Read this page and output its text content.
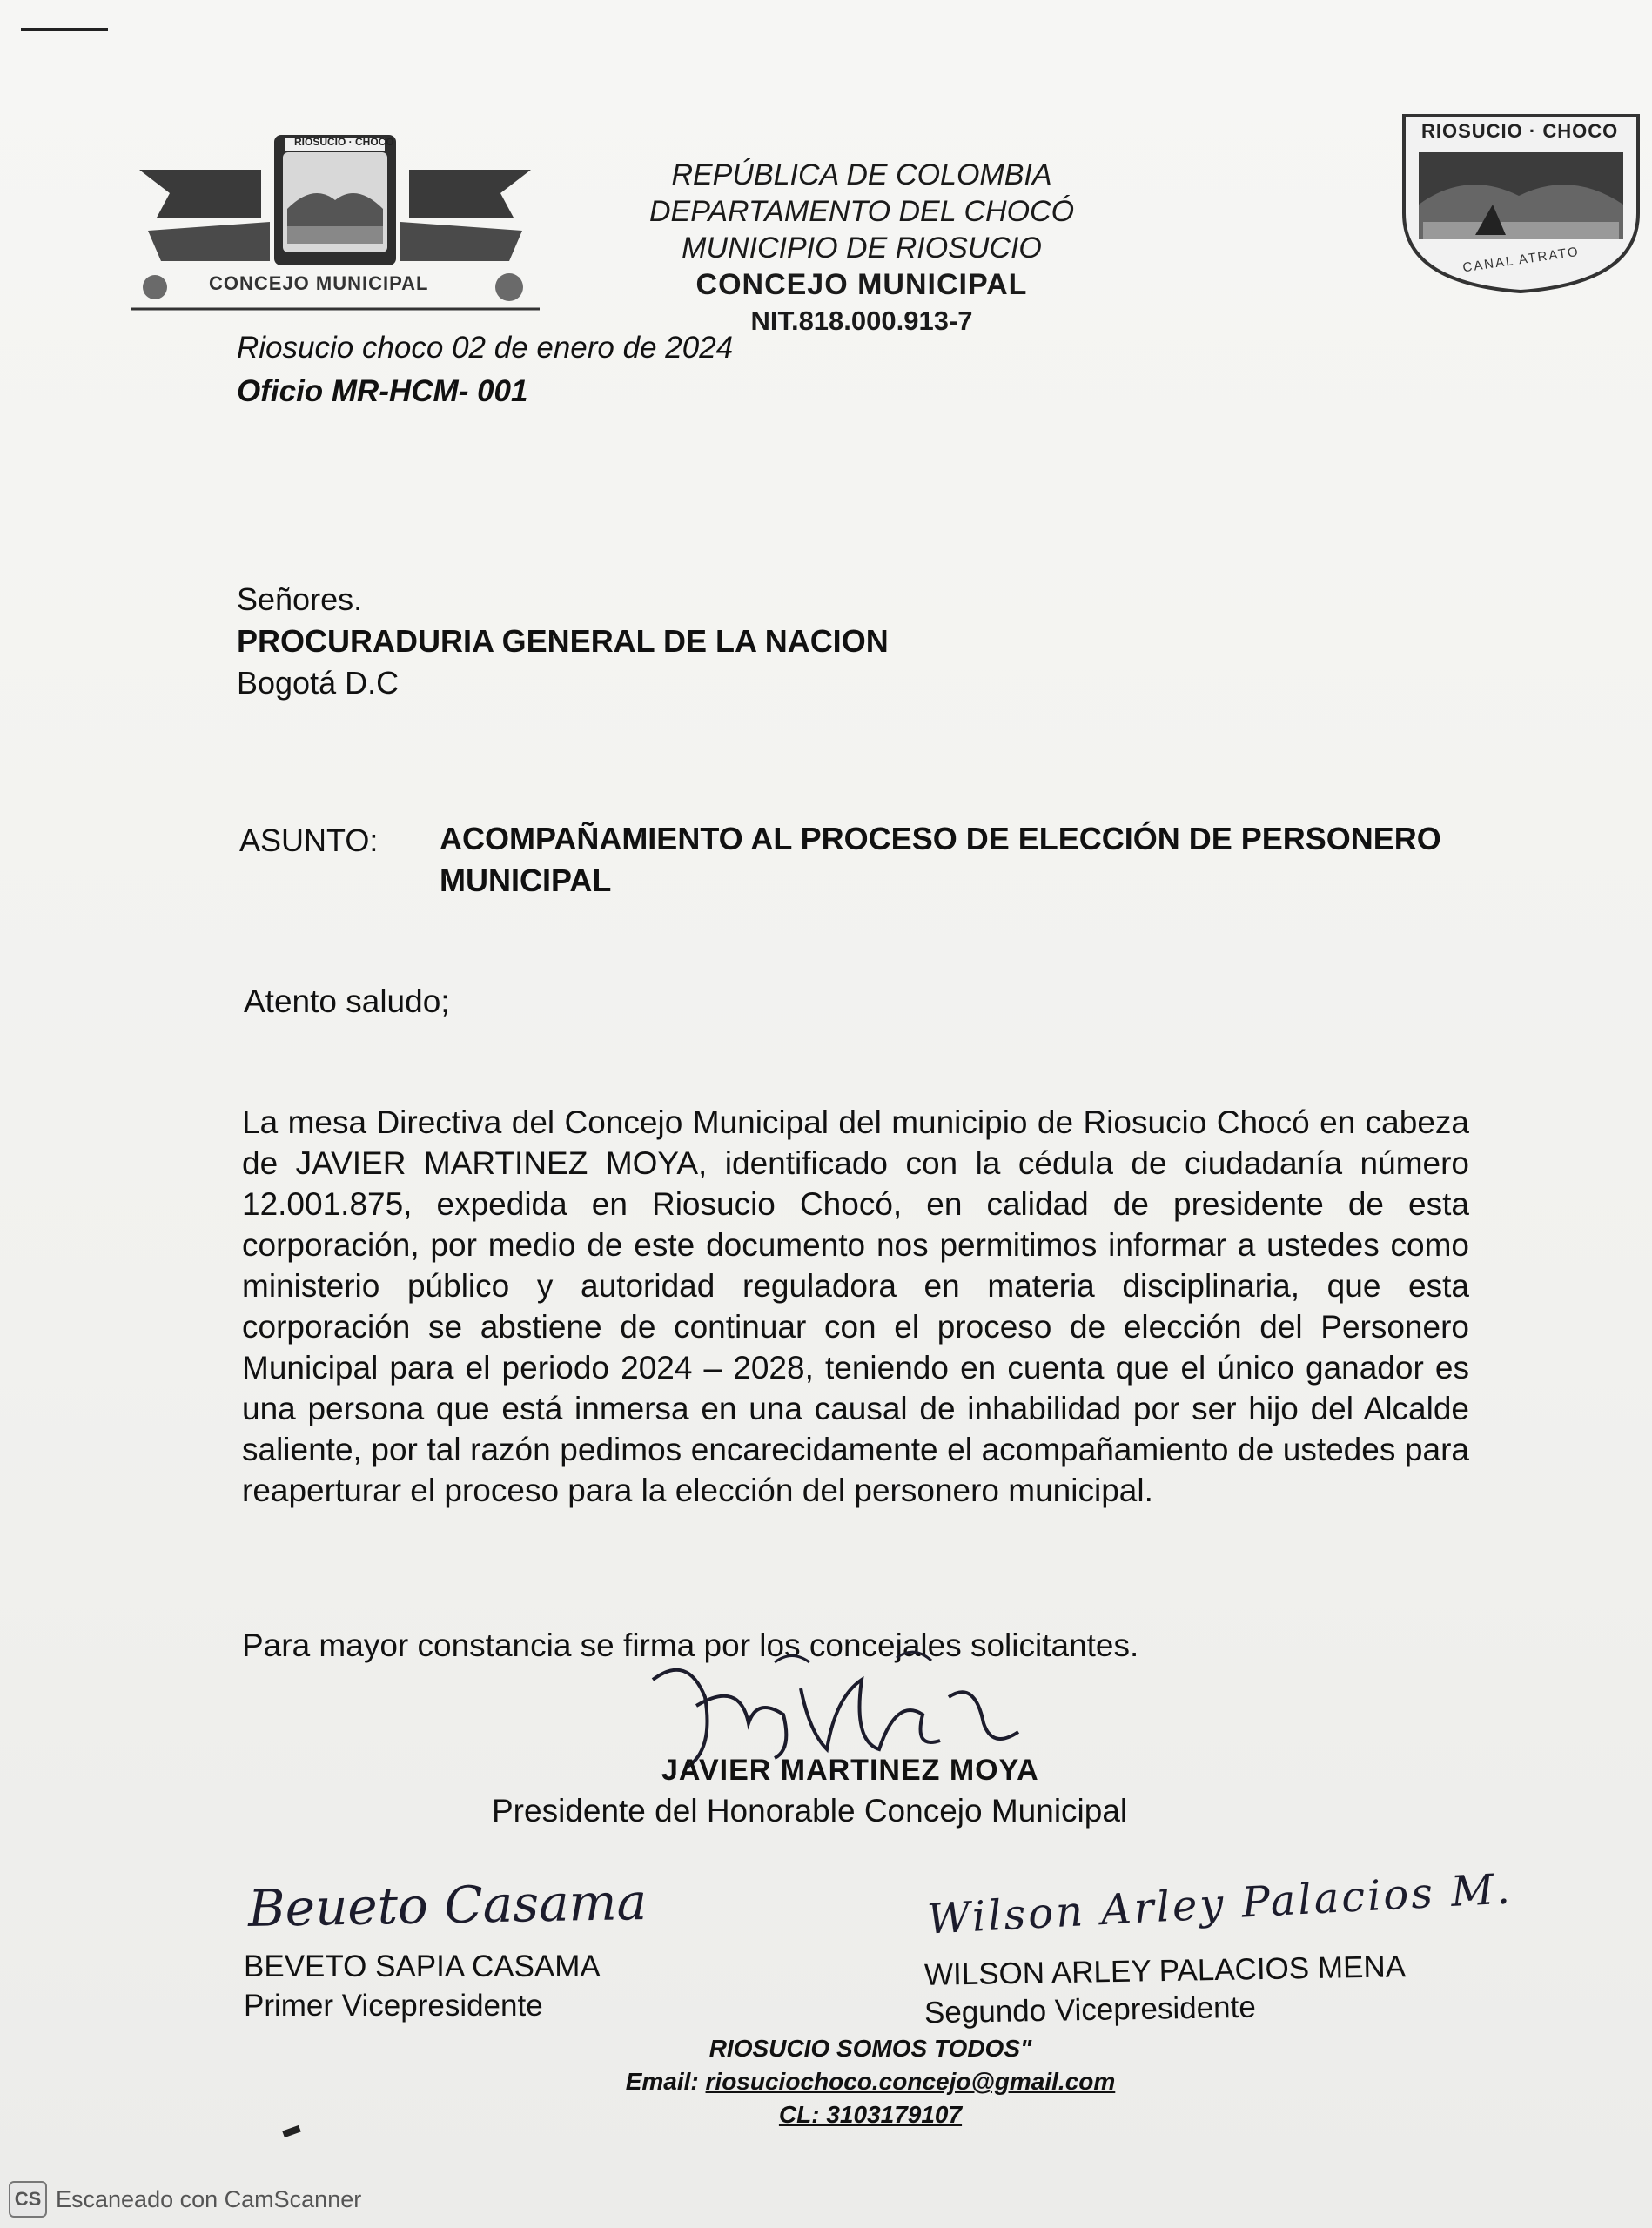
RIOSUCIO · CHOCO
CONCEJO MUNICIPAL
RIOSUCIO · CHOCO
CANAL ATRATO
REPÚBLICA DE COLOMBIA
DEPARTAMENTO DEL CHOCÓ
MUNICIPIO DE RIOSUCIO
CONCEJO MUNICIPAL
NIT.818.000.913-7
Riosucio choco 02 de enero de 2024
Oficio MR-HCM- 001
Señores.
PROCURADURIA GENERAL DE LA NACION
Bogotá D.C
ASUNTO: ACOMPAÑAMIENTO AL PROCESO DE ELECCIÓN DE PERSONERO
MUNICIPAL
Atento saludo;
La mesa Directiva del Concejo Municipal del municipio de Riosucio Chocó en cabeza de JAVIER MARTINEZ MOYA, identificado con la cédula de ciudadanía número 12.001.875, expedida en Riosucio Chocó, en calidad de presidente de esta corporación, por medio de este documento nos permitimos informar a ustedes como ministerio público y autoridad reguladora en materia disciplinaria, que esta corporación se abstiene de continuar con el proceso de elección del Personero Municipal para el periodo 2024 – 2028, teniendo en cuenta que el único ganador es una persona que está inmersa en una causal de inhabilidad por ser hijo del Alcalde saliente, por tal razón pedimos encarecidamente el acompañamiento de ustedes para reaperturar el proceso para la elección del personero municipal.
Para mayor constancia se firma por los concejales solicitantes.
JAVIER MARTINEZ MOYA
Presidente del Honorable Concejo Municipal
Beueto Casama	Wilson Arley Palacios M.
BEVETO SAPIA CASAMA
Primer Vicepresidente
WILSON ARLEY PALACIOS MENA
Segundo Vicepresidente
RIOSUCIO SOMOS TODOS"
Email: riosuciochoco.concejo@gmail.com
CL: 3103179107
CS Escaneado con CamScanner
